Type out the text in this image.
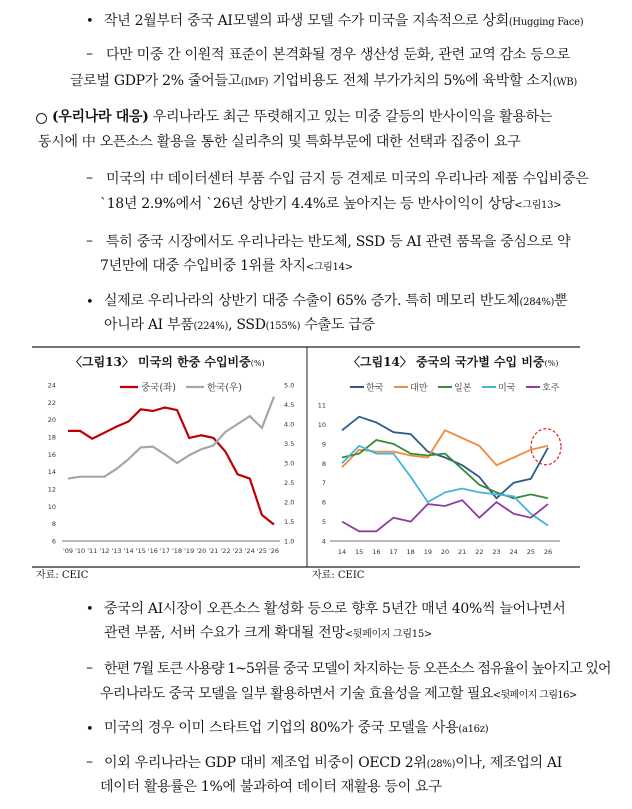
• 작년 2월부터 중국 AI모델의 파생 모델 수가 미국을 지속적으로 상회(Hugging Face)
– 다만 미중 간 이원적 표준이 본격화될 경우 생산성 둔화, 관련 교역 감소 등으로
글로벌 GDP가 2% 줄어들고(IMF) 기업비용도 전체 부가가치의 5%에 육박할 소지(WB)
(우리나라 대응) 우리나라도 최근 뚜렷해지고 있는 미중 갈등의 반사이익을 활용하는
동시에 中 오픈소스 활용을 통한 실리추의 및 특화부문에 대한 선택과 집중이 요구
– 미국의 中 데이터센터 부품 수입 금지 등 견제로 미국의 우리나라 제품 수입비중은
`18년 2.9%에서 `26년 상반기 4.4%로 높아지는 등 반사이익이 상당<그림13>
– 특히 중국 시장에서도 우리나라는 반도체, SSD 등 AI 관련 품목을 중심으로 약
7년만에 대중 수입비중 1위를 차지<그림14>
• 실제로 우리나라의 상반기 대중 수출이 65% 증가. 특히 메모리 반도체(284%)뿐
아니라 AI 부품(224%), SSD(155%) 수출도 급증
〈그림13〉 미국의 한중 수입비중(%)	〈그림14〉 중국의 국가별 수입 비중(%)
6
8
10
12
14
16
18
20
22
24
1.0
1.5
2.0
2.5
3.0
3.5
4.0
4.5
5.0
'09 '10 '11 '12 '13 '14 '15 '16 '17 '18 '19 '20 '21 '22 '23 '24 '25 '26
중국(좌)	한국(우)
4
5
6
7
8
9
10
11
14 15 16 17 18 19 20 21 22 23 24 25 26
한국	대만	일본	미국	호주
자료: CEIC	자료: CEIC
• 중국의 AI시장이 오픈소스 활성화 등으로 향후 5년간 매년 40%씩 늘어나면서
관련 부품, 서버 수요가 크게 확대될 전망<뒷페이지 그림15>
– 한편 7월 토큰 사용량 1~5위를 중국 모델이 차지하는 등 오픈소스 점유율이 높아지고 있어
우리나라도 중국 모델을 일부 활용하면서 기술 효율성을 제고할 필요<뒷페이지 그림16>
• 미국의 경우 이미 스타트업 기업의 80%가 중국 모델을 사용(a16z)
– 이외 우리나라는 GDP 대비 제조업 비중이 OECD 2위(28%)이나, 제조업의 AI
데이터 활용률은 1%에 불과하여 데이터 재활용 등이 요구
